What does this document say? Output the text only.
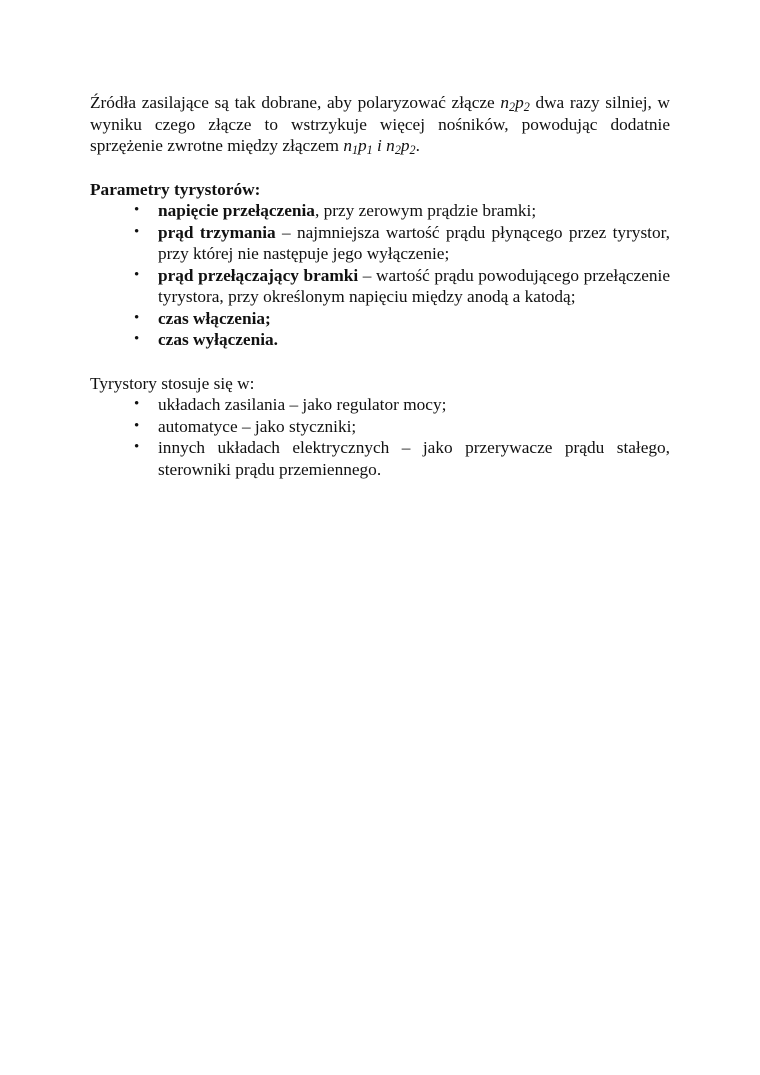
Źródła zasilające są tak dobrane, aby polaryzować złącze $n_2p_2$ dwa razy silniej, w wyniku czego złącze to wstrzykuje więcej nośników, powodując dodatnie sprzężenie zwrotne między złączem $n_1p_1$ i $n_2p_2$.

Parametry tyrystorów:

• napięcie przełączenia, przy zerowym prądzie bramki;
• prąd trzymania – najmniejsza wartość prądu płynącego przez tyrystor, przy której nie następuje jego wyłączenie;
• prąd przełączający bramki – wartość prądu powodującego przełączenie tyrystora, przy określonym napięciu między anodą a katodą;
• czas włączenia;
• czas wyłączenia.

Tyrystory stosuje się w:

• układach zasilania – jako regulator mocy;
• automatyce – jako styczniki;
• innych układach elektrycznych – jako przerywacze prądu stałego, sterowniki prądu przemiennego.
